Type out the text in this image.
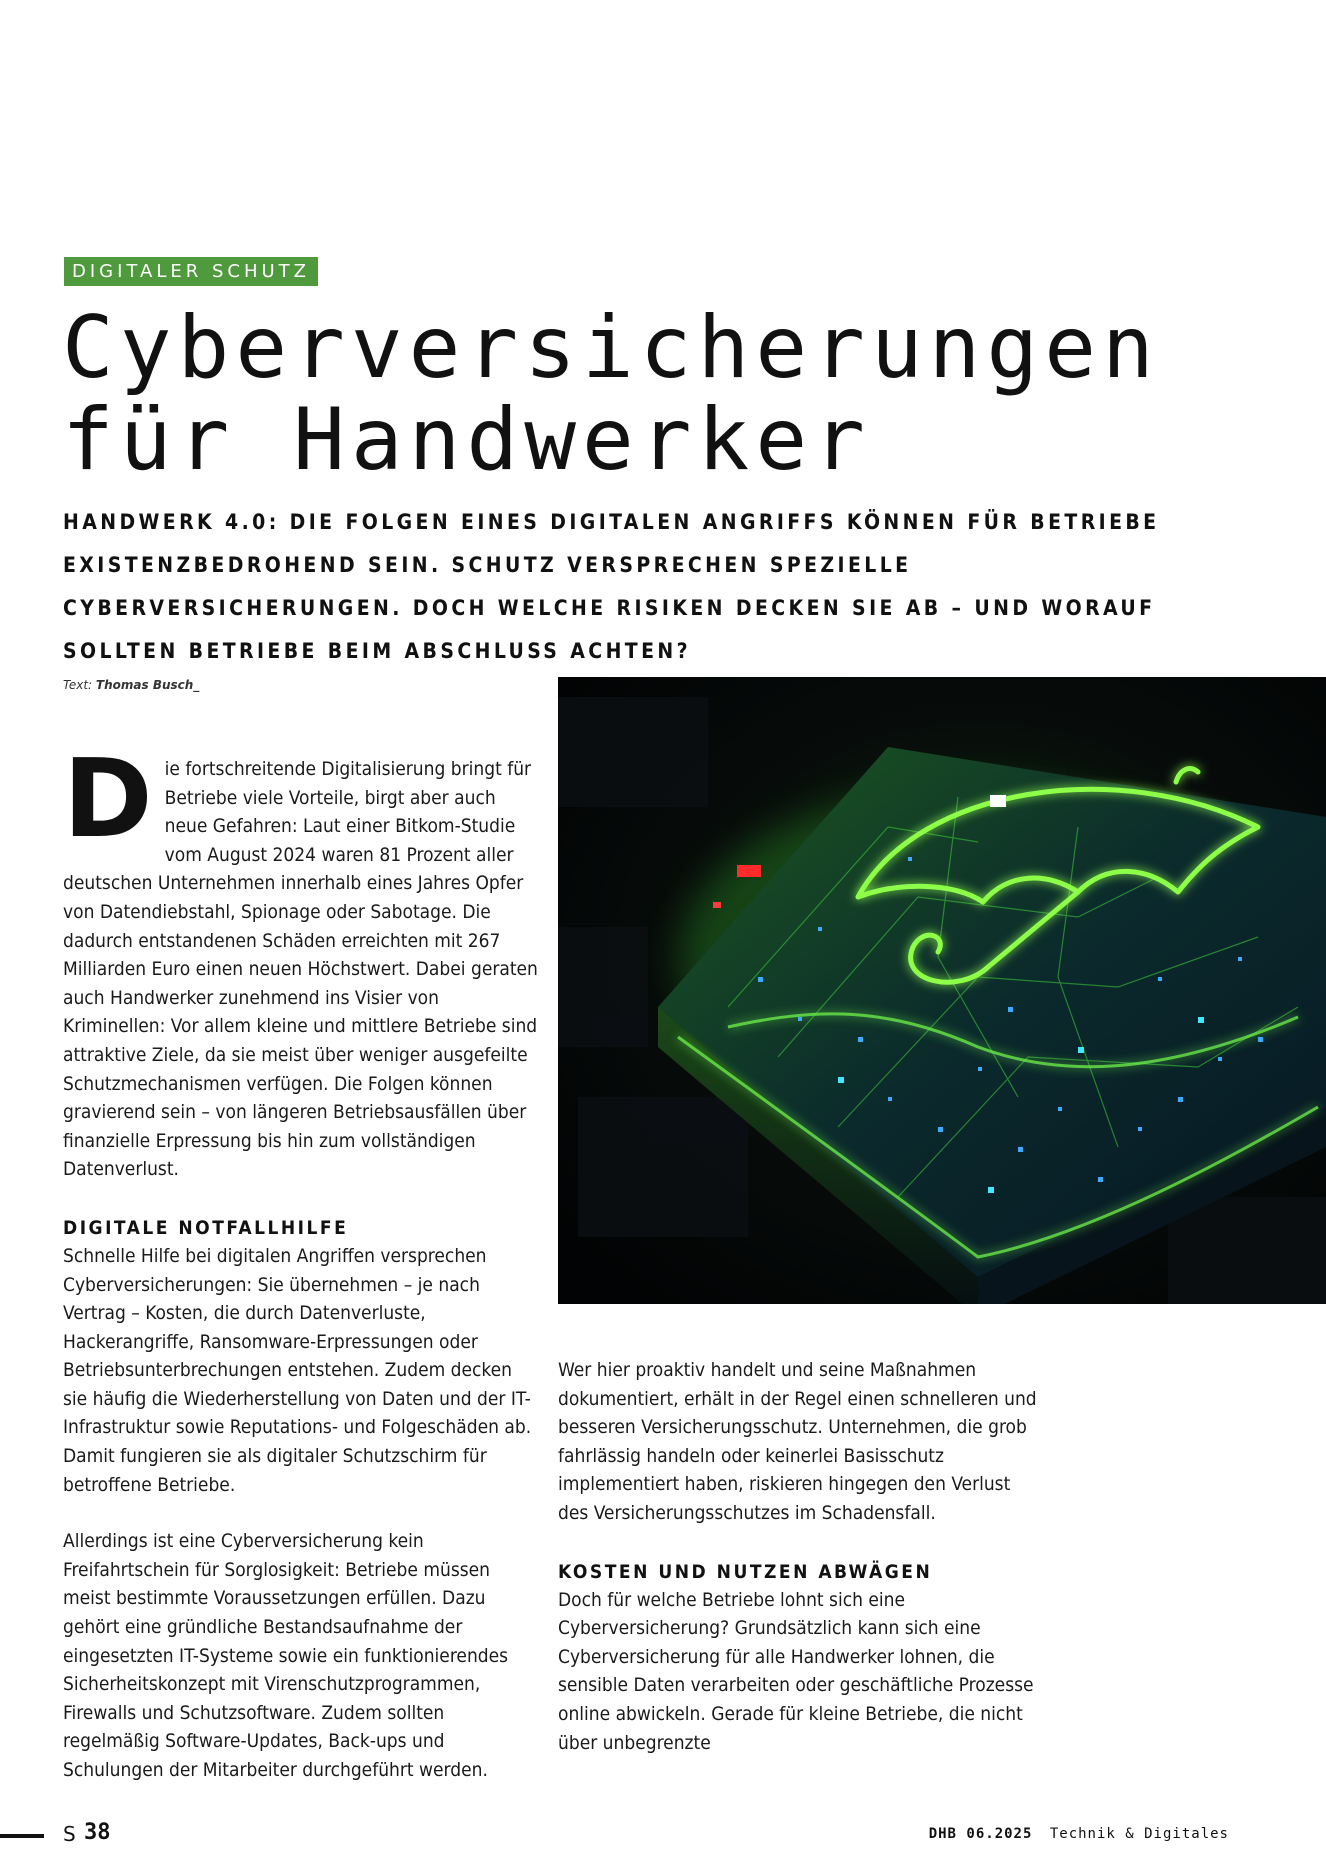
DIGITALER SCHUTZ
Cyberversicherungen
für Handwerker

HANDWERK 4.0: DIE FOLGEN EINES DIGITALEN ANGRIFFS KÖNNEN FÜR BETRIEBE EXISTENZBEDROHEND SEIN. SCHUTZ VERSPRECHEN SPEZIELLE CYBERVERSICHERUNGEN. DOCH WELCHE RISIKEN DECKEN SIE AB – UND WORAUF SOLLTEN BETRIEBE BEIM ABSCHLUSS ACHTEN?

Text: Thomas Busch_

Die fortschreitende Digitalisierung bringt für Betriebe viele Vorteile, birgt aber auch neue Gefahren: Laut einer Bitkom-Studie vom August 2024 waren 81 Prozent aller deutschen Unternehmen innerhalb eines Jahres Opfer von Datendiebstahl, Spionage oder Sabotage. Die dadurch entstandenen Schäden erreichten mit 267 Milliarden Euro einen neuen Höchstwert. Dabei geraten auch Handwerker zunehmend ins Visier von Kriminellen: Vor allem kleine und mittlere Betriebe sind attraktive Ziele, da sie meist über weniger ausgefeilte Schutzmechanismen verfügen. Die Folgen können gravierend sein – von längeren Betriebsausfällen über finanzielle Erpressung bis hin zum vollständigen Datenverlust.

DIGITALE NOTFALLHILFE

Schnelle Hilfe bei digitalen Angriffen versprechen Cyberversicherungen: Sie übernehmen – je nach Vertrag – Kosten, die durch Datenverluste, Hackerangriffe, Ransomware-Erpressungen oder Betriebsunterbrechungen entstehen. Zudem decken sie häufig die Wiederherstellung von Daten und der IT-Infrastruktur sowie Reputations- und Folgeschäden ab. Damit fungieren sie als digitaler Schutzschirm für betroffene Betriebe.

Allerdings ist eine Cyberversicherung kein Freifahrtschein für Sorglosigkeit: Betriebe müssen meist bestimmte Voraussetzungen erfüllen. Dazu gehört eine gründliche Bestandsaufnahme der eingesetzten IT-Systeme sowie ein funktionierendes Sicherheitskonzept mit Virenschutzprogrammen, Firewalls und Schutzsoftware. Zudem sollten regelmäßig Software-Updates, Back-ups und Schulungen der Mitarbeiter durchgeführt werden.

Wer hier proaktiv handelt und seine Maßnahmen dokumentiert, erhält in der Regel einen schnelleren und besseren Versicherungsschutz. Unternehmen, die grob fahrlässig handeln oder keinerlei Basisschutz implementiert haben, riskieren hingegen den Verlust des Versicherungsschutzes im Schadensfall.

KOSTEN UND NUTZEN ABWÄGEN

Doch für welche Betriebe lohnt sich eine Cyberversicherung? Grundsätzlich kann sich eine Cyberversicherung für alle Handwerker lohnen, die sensible Daten verarbeiten oder geschäftliche Prozesse online abwickeln. Gerade für kleine Betriebe, die nicht über unbegrenzte

S 38	DHB 06.2025 Technik & Digitales
